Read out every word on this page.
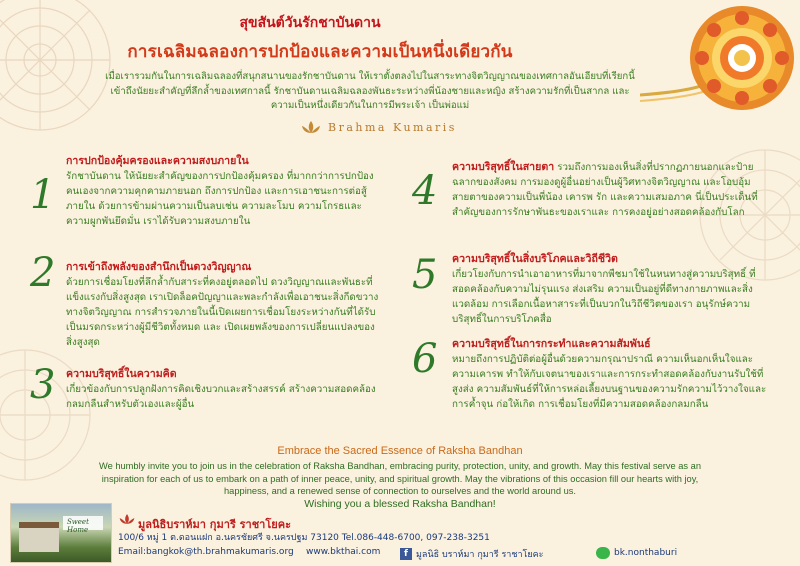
สุขสันต์วันรักชาบันดาน
การเฉลิมฉลองการปกป้องและความเป็นหนึ่งเดียวกัน
เมื่อเรารวมกันในการเฉลิมฉลองที่สนุกสนานของรักชาบันดาน ให้เราตั้งตลงไปในสาระทางจิตวิญญาณของเทศกาลอันเอียบที่เรียกนี้ เข้าถึงนัยยะสำคัญที่ลึกล้ำของเทศกาลนี้ รักชาบันดานเฉลิมฉลองพันธะระหว่างพี่น้องชายและหญิง สร้างความรักที่เป็นสากล และความเป็นหนึ่งเดียวกันในการมีพระเจ้า เป็นพ่อแม่
Brahma Kumaris
1
การปกป้องคุ้มครองและความสงบภายใน
รักชาบันดาน ให้นัยยะสำคัญของการปกป้องคุ้มครอง ที่มากกว่าการปกป้องคนเองจากความคุกคามภายนอก ถึงการปกป้อง และการเอาชนะการต่อสู้ ภายใน ด้วยการข้ามผ่านความเป็นลบเช่น ความละโมบ ความโกรธและความผูกพันยึดมั่น เราได้รับความสงบภายใน
2 การเข้าถึงพลังของสำนึกเป็นดวงวิญญาณ
ด้วยการเชื่อมโยงที่ลึกล้ำกับสาระที่คงอยู่ตลอดไป ดวงวิญญาณและพันธะที่แข็งแรงกับสิ่งสูงสุด เราเปิดล็อคปัญญาและพละกำลังเพื่อเอาชนะสิ่งกีดขวางทางจิตวิญญาณ การสำรวจภายในนี้เปิดเผยการเชื่อมโยงระหว่างกันที่ได้รับเป็นมรดกระหว่างผู้มีชีวิตทั้งหมด และ เปิดเผยพลังของการเปลี่ยนแปลงของสิ่งสูงสุด
3 ความบริสุทธิ์ในความคิด
เกี่ยวข้องกับการปลูกฝังการคิดเชิงบวกและสร้างสรรค์ สร้างความสอดคล้องกลมกลืนสำหรับตัวเองและผู้อื่น
4
ความบริสุทธิ์ในสายตา รวมถึงการมองเห็นสิ่งที่ปรากฏภายนอกและป้ายฉลากของสังคม การมองดูผู้อื่นอย่างเป็นผู้วิศทางจิตวิญญาณ และโอบอุ้มสายตาของความเป็นพี่น้อง เคารพ รัก และความเสมอภาค นี่เป็นประเด็นที่สำคัญของการรักษาพันธะของเราและ การคงอยู่อย่างสอดคล้องกับโลก
5 ความบริสุทธิ์ในสิ่งบริโภคและวิถีชีวิต
เกี่ยวโยงกับการนำเอาอาหารที่มาจากพืชมาใช้ในหนทางสู่ความบริสุทธิ์ ที่สอดคล้องกับความไม่รุนแรง ส่งเสริม ความเป็นอยู่ที่ดีทางกายภาพและสิ่งแวดล้อม การเลือกเนื้อหาสาระที่เป็นบวกในวิถีชีวิตของเรา อนุรักษ์ความบริสุทธิ์ในการบริโภคสื่อ
6 ความบริสุทธิ์ในการกระทำและความสัมพันธ์
หมายถึงการปฏิบัติต่อผู้อื่นด้วยความกรุณาปราณี ความเห็นอกเห็นใจและความเคารพ ทำให้กับเจตนาของเราและการกระทำสอดคล้องกับงานรับใช้ที่สูงส่ง ความสัมพันธ์ที่ให้การหล่อเลี้ยงบนฐานของความรักความไว้วางใจและการค้ำจุน ก่อให้เกิด การเชื่อมโยงที่มีความสอดคล้องกลมกลืน
Embrace the Sacred Essence of Raksha Bandhan
We humbly invite you to join us in the celebration of Raksha Bandhan, embracing purity, protection, unity, and growth. May this festival serve as an inspiration for each of us to embark on a path of inner peace, unity, and spiritual growth. May the vibrations of this occasion fill our hearts with joy, happiness, and a renewed sense of connection to ourselves and the world around us.
Wishing you a blessed Raksha Bandhan!
Sweet Home	มูลนิธิบราห์มา กุมารี ราชาโยคะ
100/6 หมู่ 1 ต.ดอนแฝก อ.นครชัยศรี จ.นครปฐม 73120 Tel.086-448-6700, 097-238-3251
Email:bangkok@th.brahmakumaris.org www.bkthai.com	f มูลนิธิ บราห์มา กุมารี ราชาโยคะ	bk.nonthaburi
